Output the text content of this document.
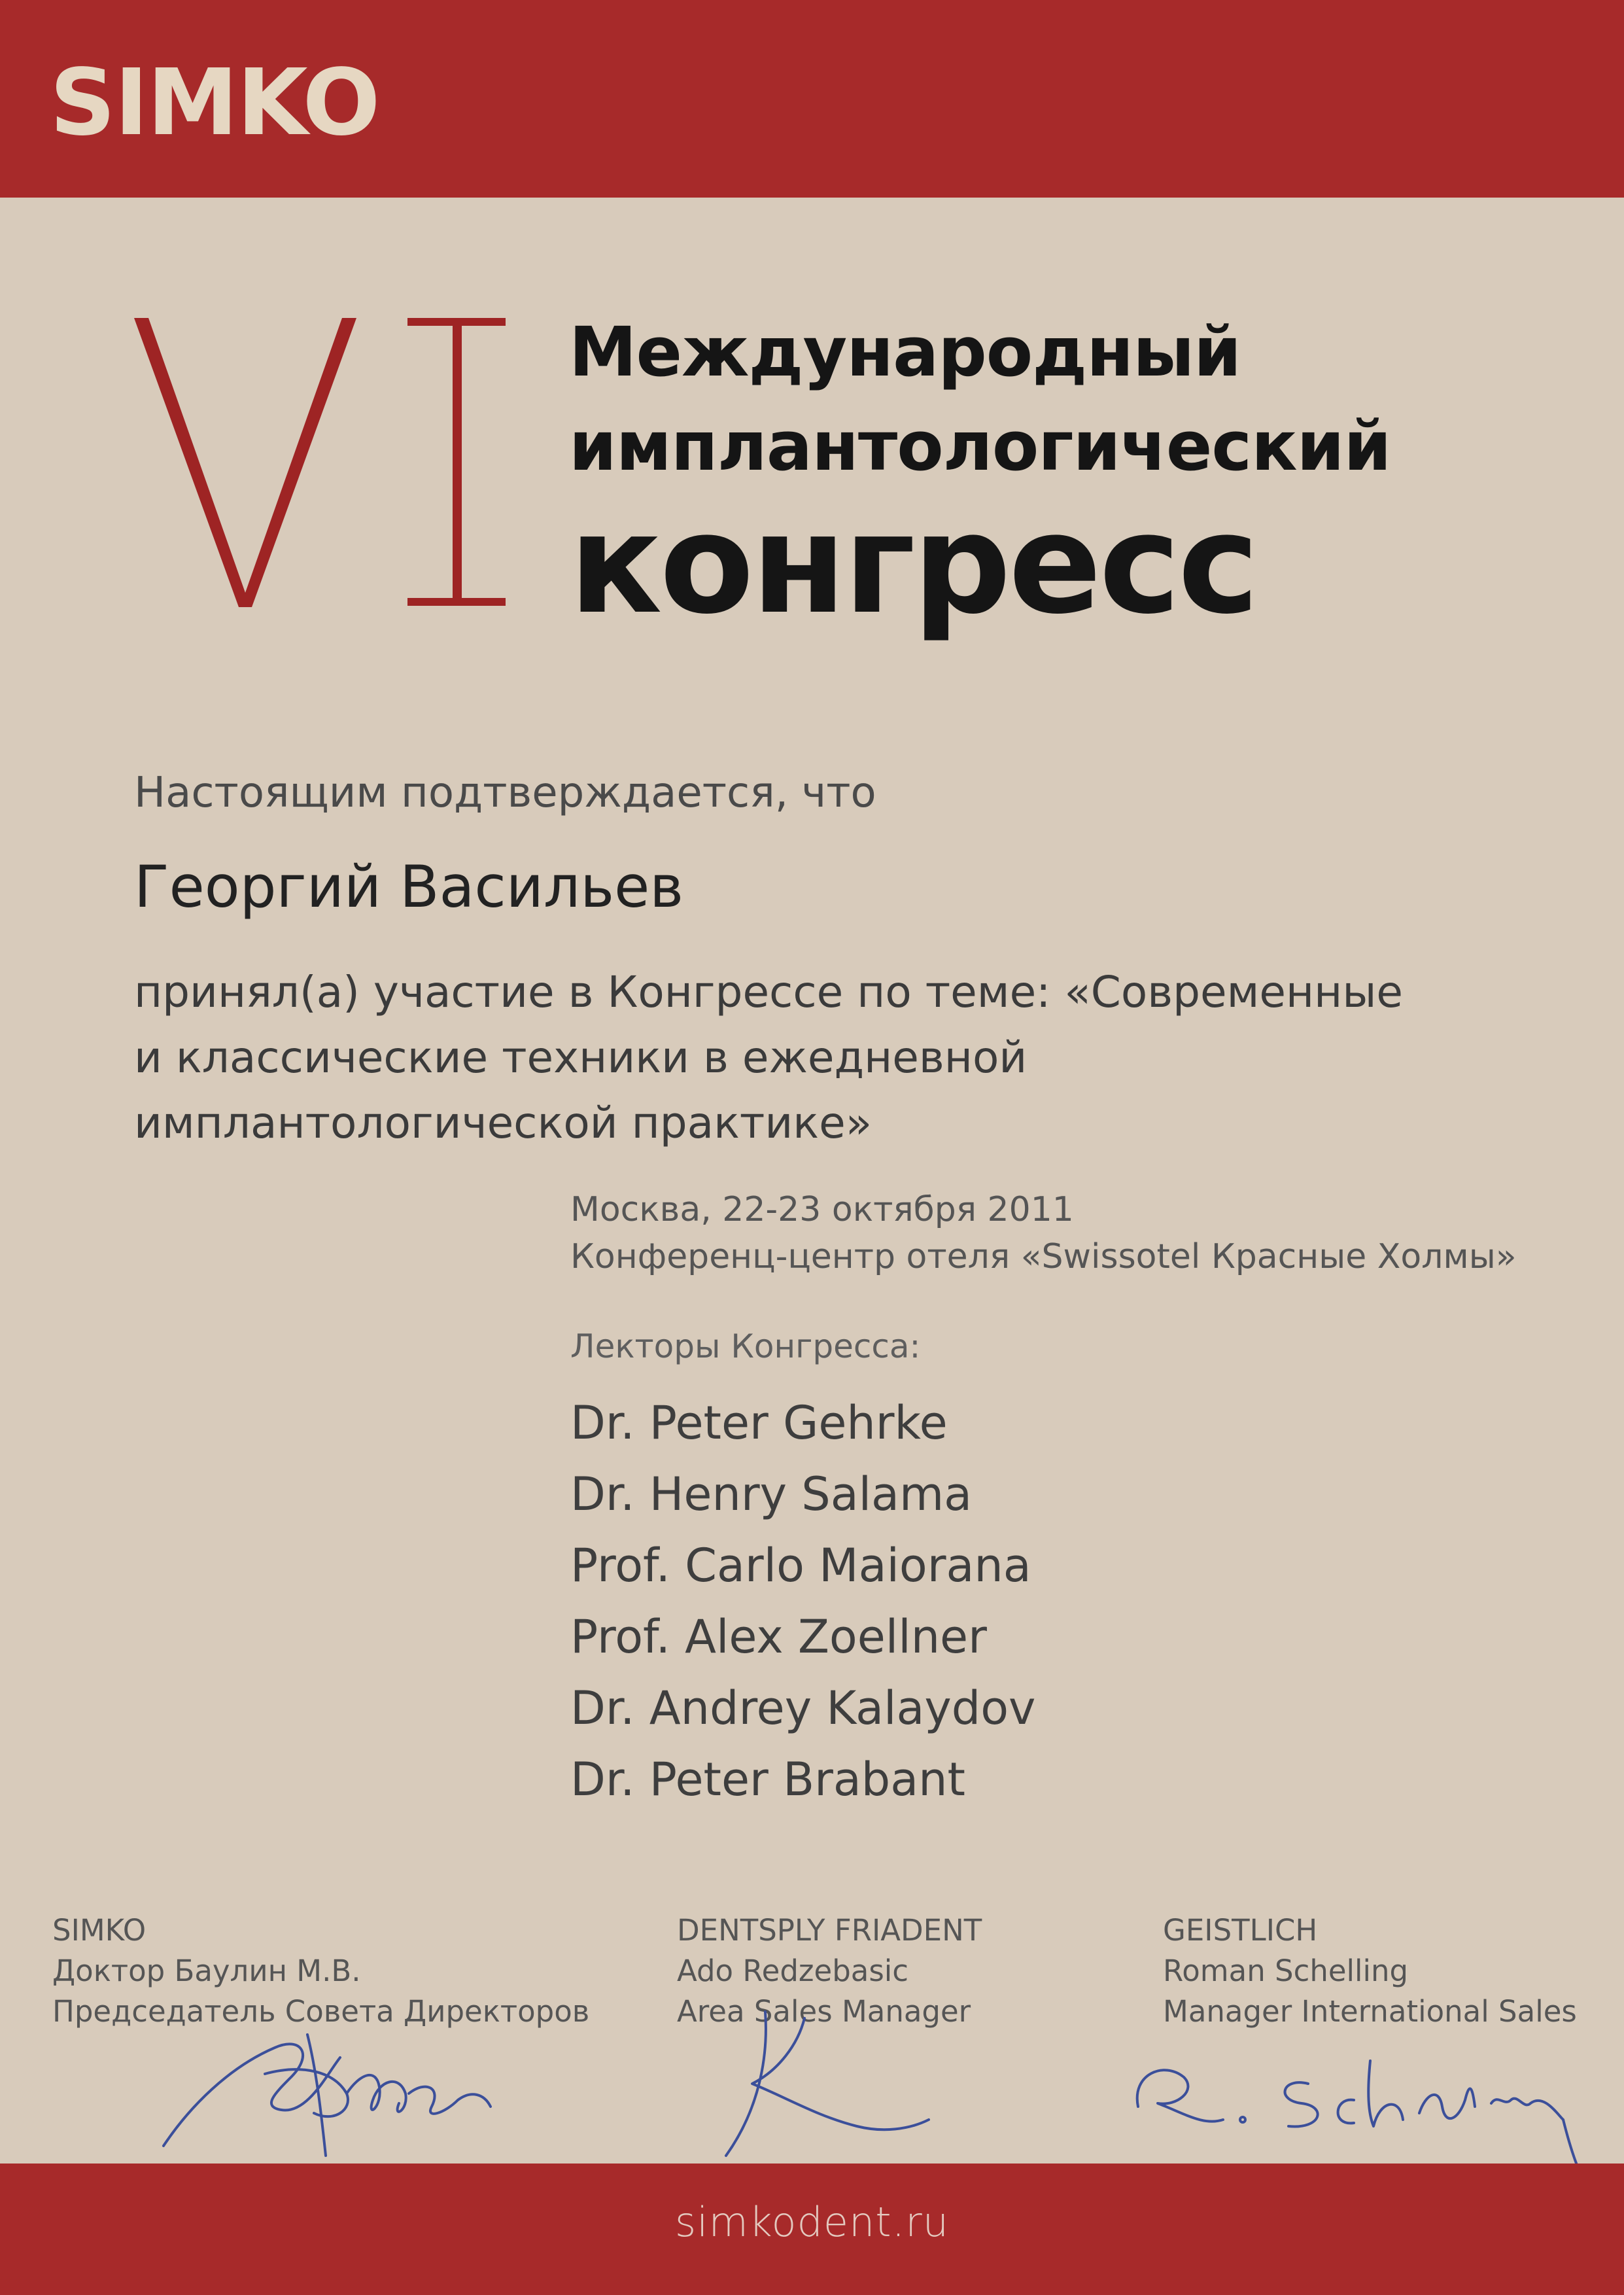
SIMKO
Международный
имплантологический
конгресс
Настоящим подтверждается, что
Георгий Васильев
принял(а) участие в Конгрессе по теме: «Современные
и классические техники в ежедневной
имплантологической практике»
Москва, 22-23 октября 2011
Конференц-центр отеля «Swissotel Красные Холмы»
Лекторы Конгресса:
Dr. Peter Gehrke
Dr. Henry Salama
Prof. Carlo Maiorana
Prof. Alex Zoellner
Dr. Andrey Kalaydov
Dr. Peter Brabant
SIMKO
Доктор Баулин М.В.
Председатель Совета Директоров
DENTSPLY FRIADENT
Ado Redzebasic
Area Sales Manager
GEISTLICH
Roman Schelling
Manager International Sales
simkodent.ru
